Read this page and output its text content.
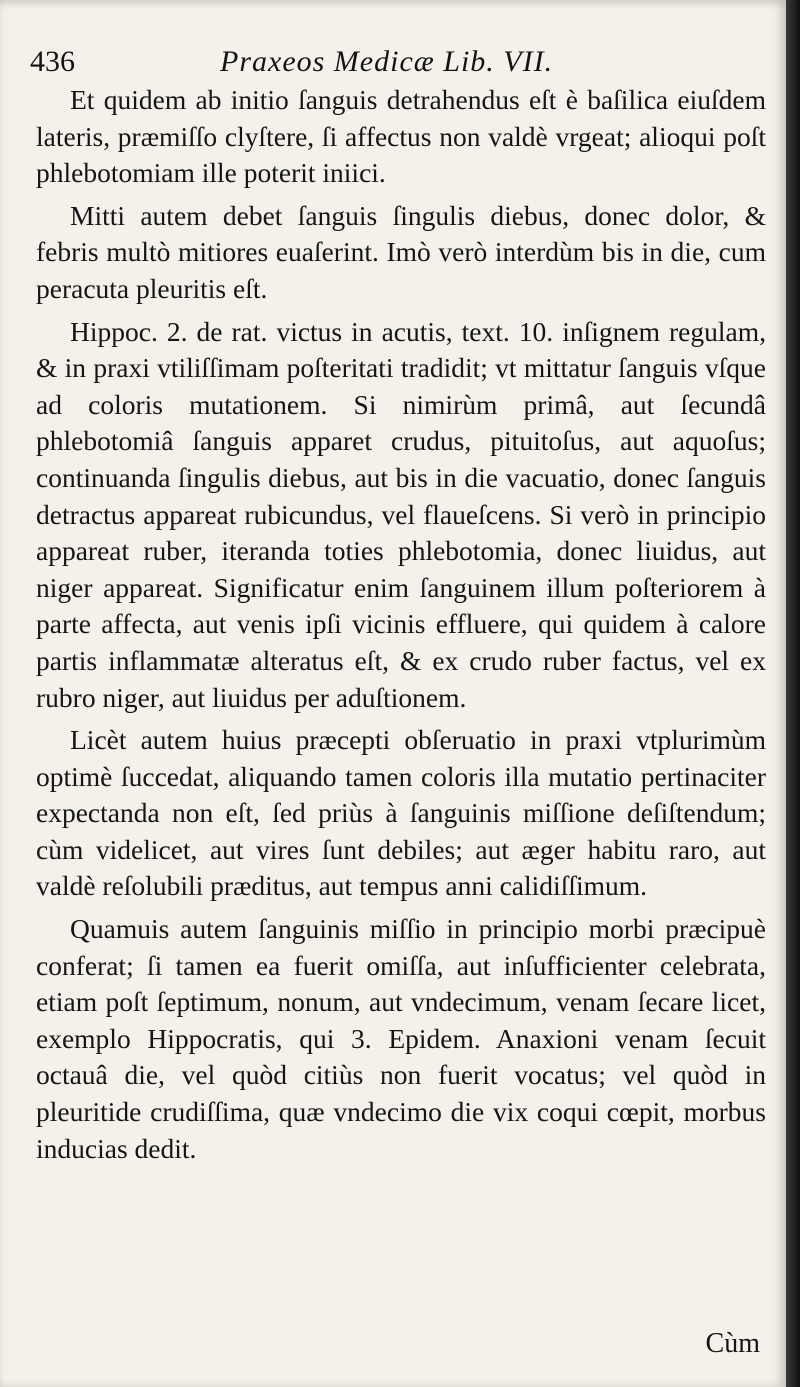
436	Praxeos Medicæ Lib. VII.

Et quidem ab initio ſanguis detrahendus eſt è baſilica eiuſdem lateris, præmiſſo clyſtere, ſi affectus non valdè vrgeat; alioqui poſt phlebotomiam ille poterit iniici.

Mitti autem debet ſanguis ſingulis diebus, donec dolor, & febris multò mitiores euaſerint. Imò verò interdùm bis in die, cum peracuta pleuritis eſt.

Hippoc. 2. de rat. victus in acutis, text. 10. inſignem regulam, & in praxi vtiliſſimam poſteritati tradidit; vt mittatur ſanguis vſque ad coloris mutationem. Si nimirùm primâ, aut ſecundâ phlebotomiâ ſanguis apparet crudus, pituitoſus, aut aquoſus; continuanda ſingulis diebus, aut bis in die vacuatio, donec ſanguis detractus appareat rubicundus, vel flaueſcens. Si verò in principio appareat ruber, iteranda toties phlebotomia, donec liuidus, aut niger appareat. Significatur enim ſanguinem illum poſteriorem à parte affecta, aut venis ipſi vicinis effluere, qui quidem à calore partis inflammatæ alteratus eſt, & ex crudo ruber factus, vel ex rubro niger, aut liuidus per aduſtionem.

Licèt autem huius præcepti obſeruatio in praxi vtplurimùm optimè ſuccedat, aliquando tamen coloris illa mutatio pertinaciter expectanda non eſt, ſed priùs à ſanguinis miſſione deſiſtendum; cùm videlicet, aut vires ſunt debiles; aut æger habitu raro, aut valdè reſolubili præditus, aut tempus anni calidiſſimum.

Quamuis autem ſanguinis miſſio in principio morbi præcipuè conferat; ſi tamen ea fuerit omiſſa, aut inſufficienter celebrata, etiam poſt ſeptimum, nonum, aut vndecimum, venam ſecare licet, exemplo Hippocratis, qui 3. Epidem. Anaxioni venam ſecuit octauâ die, vel quòd citiùs non fuerit vocatus; vel quòd in pleuritide crudiſſima, quæ vndecimo die vix coqui cœpit, morbus inducias dedit.

Cùm
